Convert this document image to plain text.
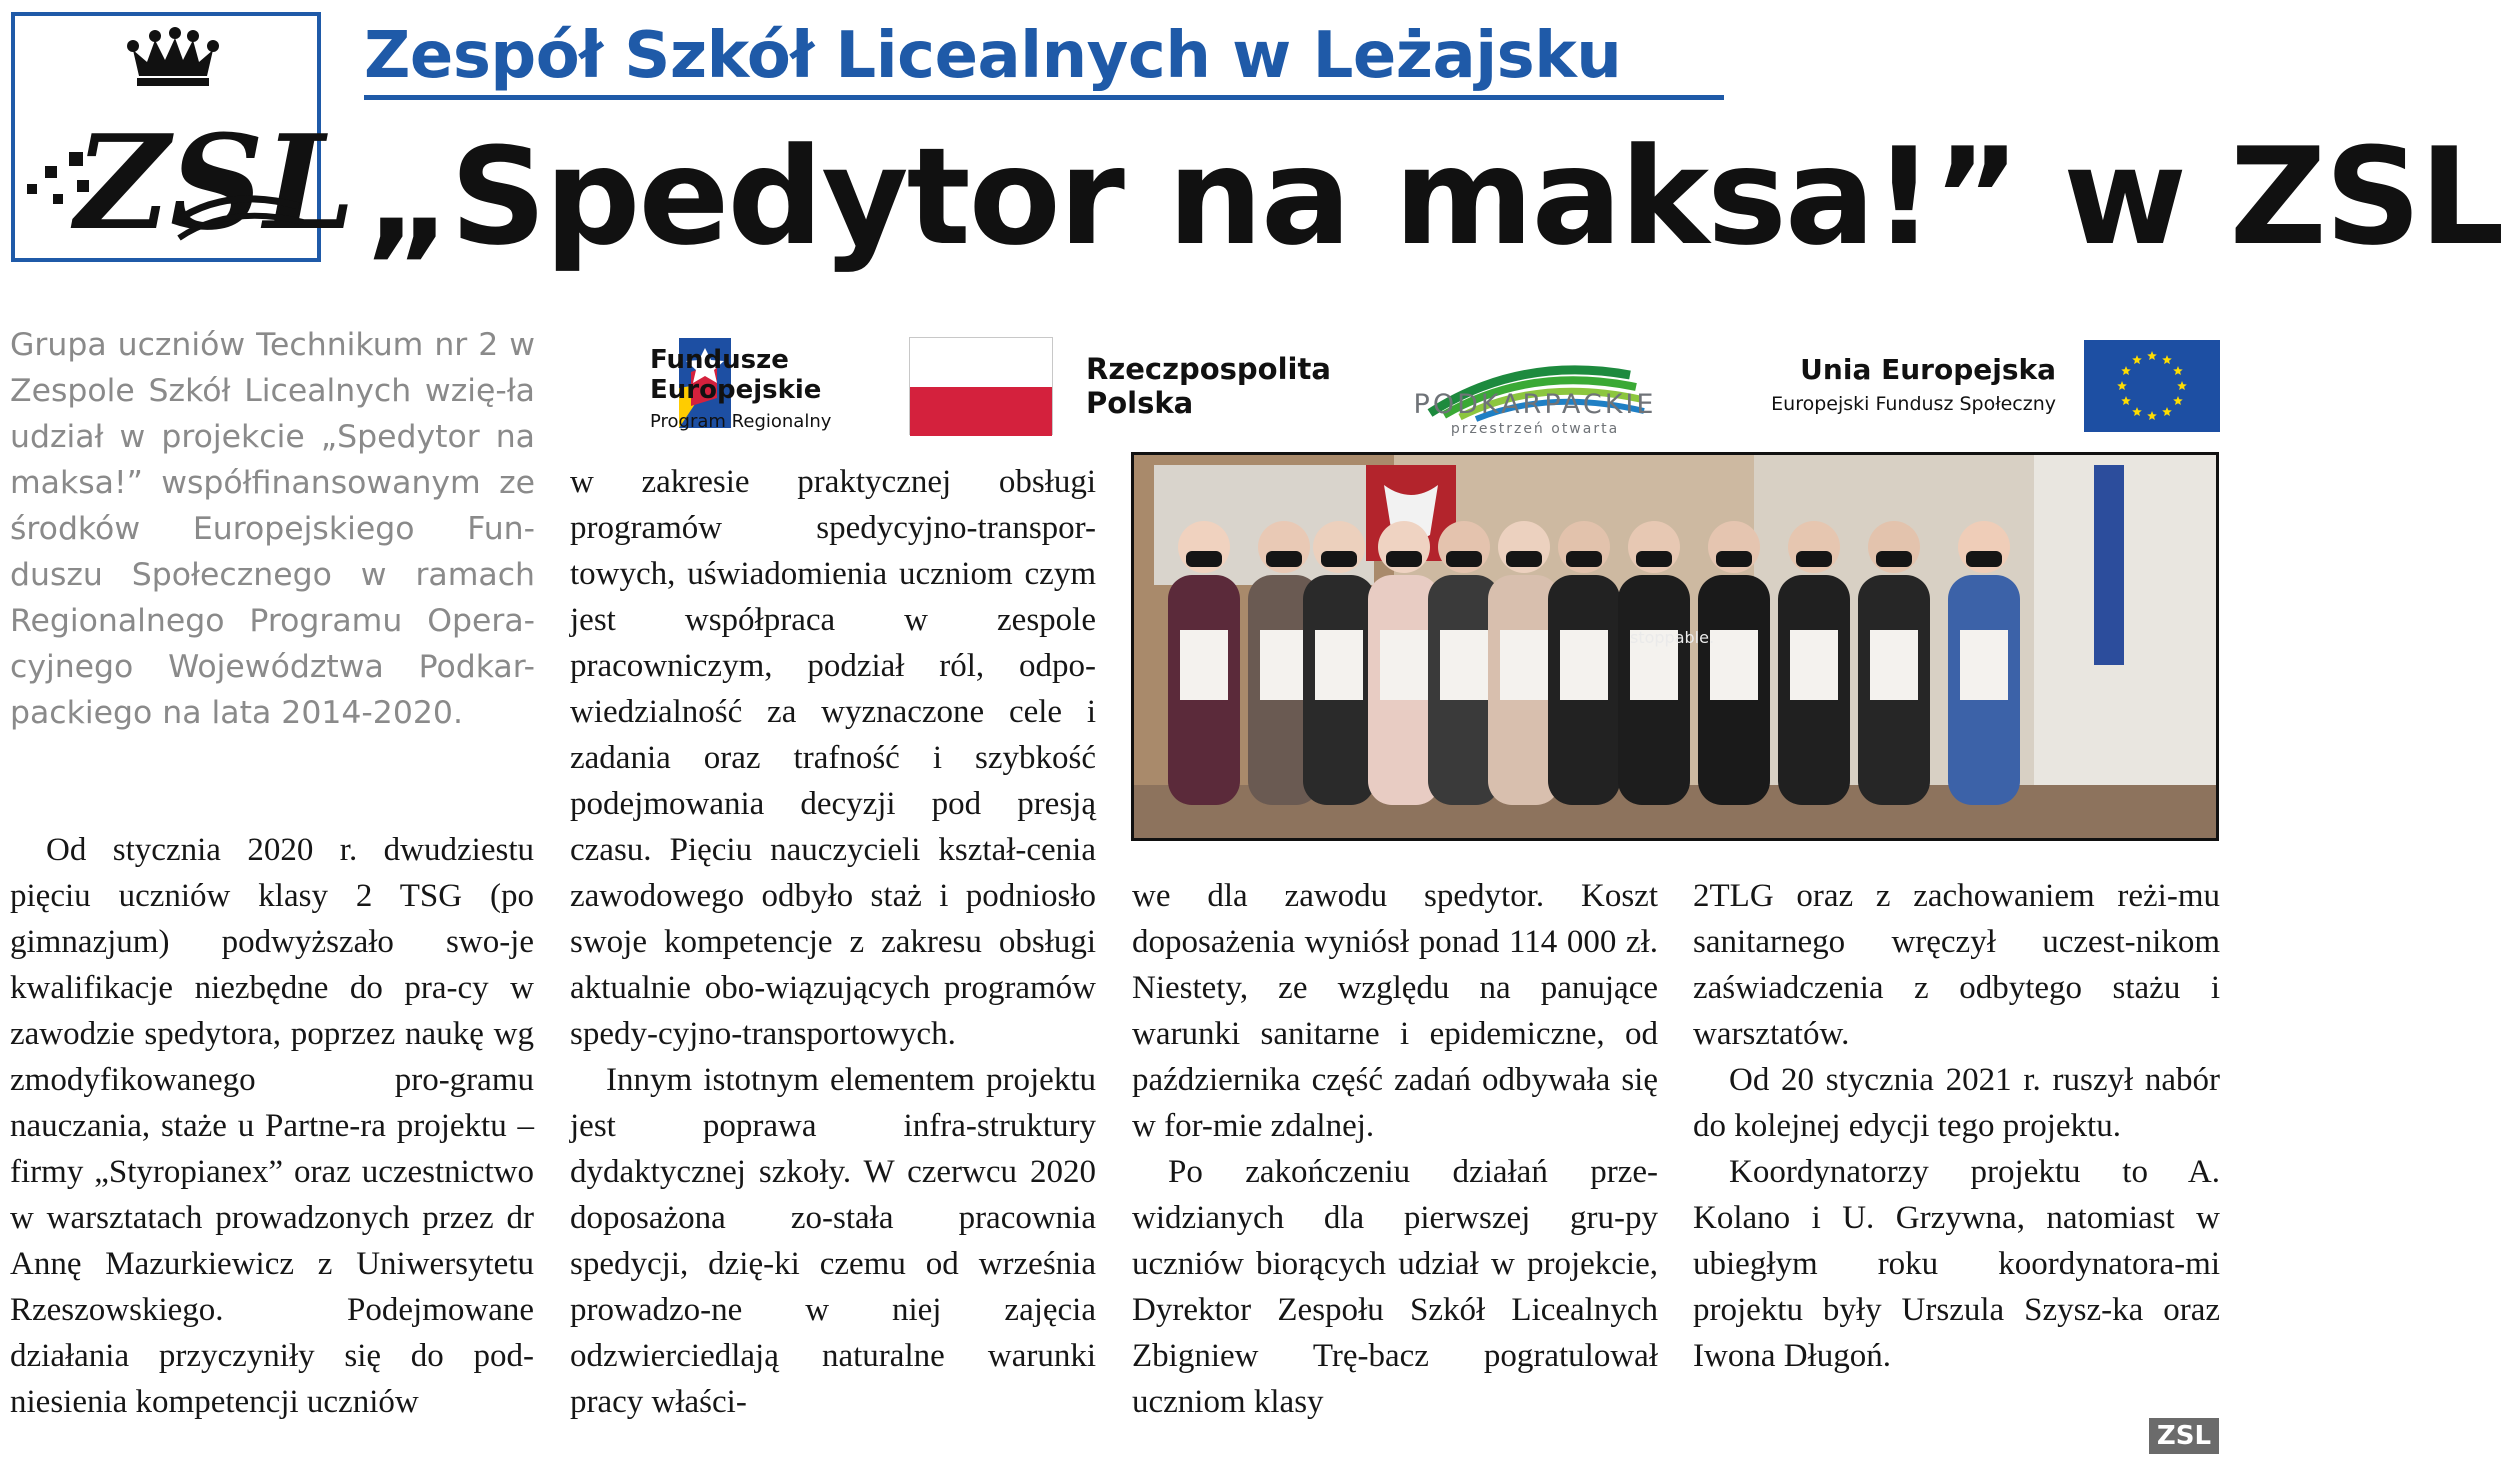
ZSL
Zespół Szkół Licealnych w Leżajsku
„Spedytor na maksa!” w ZSL
Grupa uczniów Technikum nr 2 w Zespole Szkół Licealnych wzię-ła udział w projekcie „Spedytor na maksa!” współfinansowanym ze środków Europejskiego Fun-duszu Społecznego w ramach Regionalnego Programu Opera-cyjnego Województwa Podkar-packiego na lata 2014-2020.
Fundusze
Europejskie
Program Regionalny
Rzeczpospolita
Polska	PODKARPACKIE
przestrzeń otwarta
Unia Europejska
Europejski Fundusz Społeczny

Od stycznia 2020 r. dwudziestu pięciu uczniów klasy 2 TSG (po gimnazjum) podwyższało swo-je kwalifikacje niezbędne do pra-cy w zawodzie spedytora, poprzez naukę wg zmodyfikowanego pro-gramu nauczania, staże u Partne-ra projektu – firmy „Styropianex” oraz uczestnictwo w warsztatach prowadzonych przez dr Annę Mazurkiewicz z Uniwersytetu Rzeszowskiego. Podejmowane działania przyczyniły się do pod-niesienia kompetencji uczniów

w zakresie praktycznej obsługi programów spedycyjno-transpor-towych, uświadomienia uczniom czym jest współpraca w zespole pracowniczym, podział ról, odpo-wiedzialność za wyznaczone cele i zadania oraz trafność i szybkość podejmowania decyzji pod presją czasu. Pięciu nauczycieli kształ-cenia zawodowego odbyło staż i podniosło swoje kompetencje z zakresu obsługi aktualnie obo-wiązujących programów spedy-cyjno-transportowych.

Innym istotnym elementem projektu jest poprawa infra-struktury dydaktycznej szkoły. W czerwcu 2020 doposażona zo-stała pracownia spedycji, dzię-ki czemu od września prowadzo-ne w niej zajęcia odzwierciedlają naturalne warunki pracy właści-

we dla zawodu spedytor. Koszt doposażenia wyniósł ponad 114 000 zł. Niestety, ze względu na panujące warunki sanitarne i epidemiczne, od października część zadań odbywała się w for-mie zdalnej.

Po zakończeniu działań prze-widzianych dla pierwszej gru-py uczniów biorących udział w projekcie, Dyrektor Zespołu Szkół Licealnych Zbigniew Trę-bacz pogratulował uczniom klasy

2TLG oraz z zachowaniem reżi-mu sanitarnego wręczył uczest-nikom zaświadczenia z odbytego stażu i warsztatów.

Od 20 stycznia 2021 r. ruszył nabór do kolejnej edycji tego projektu.

Koordynatorzy projektu to A. Kolano i U. Grzywna, natomiast w ubiegłym roku koordynatora-mi projektu były Urszula Szysz-ka oraz Iwona Długoń.

stoppable.
ZSL
